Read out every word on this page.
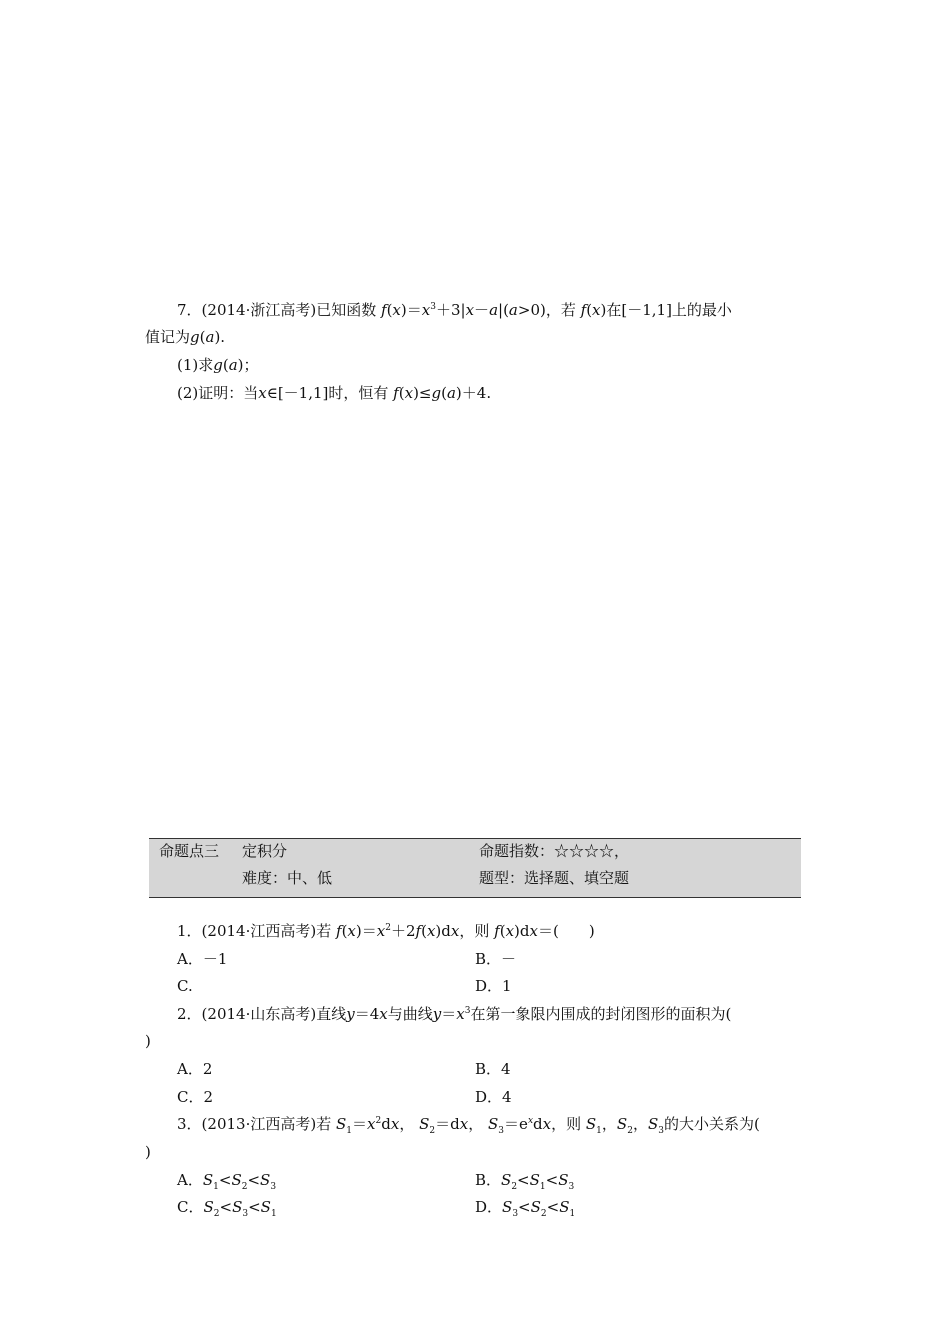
7．(2014·浙江高考)已知函数 $f(x)=x^3+3|x-a|(a>0)$，若 f(x)在[－1,1]上的最小
值记为g(a).
(1)求g(a)；
(2)证明：当x∈[－1,1]时，恒有 f(x)≤g(a)＋4.
命题点三 定积分	命题指数：☆☆☆☆，
难度：中、低	题型：选择题、填空题
1．(2014·江西高考)若 $f(x)=x^2+2f(x)dx$，则 f(x)dx＝(　　)
A．－1	B．－
C.	D．1
2．(2014·山东高考)直线y＝4x与曲线$y=x^3$在第一象限内围成的封闭图形的面积为(
)
A．2	B．4
C．2	D．4
3．(2013·江西高考)若 $S_1=x^2dx$， $S_2=dx$， $S_3=e^xdx$，则 $S_1$，$S_2$，$S_3$的大小关系为(
)
A．$S_1<S_2<S_3$	B．$S_2<S_1<S_3$
C．$S_2<S_3<S_1$	D．$S_3<S_2<S_1$
